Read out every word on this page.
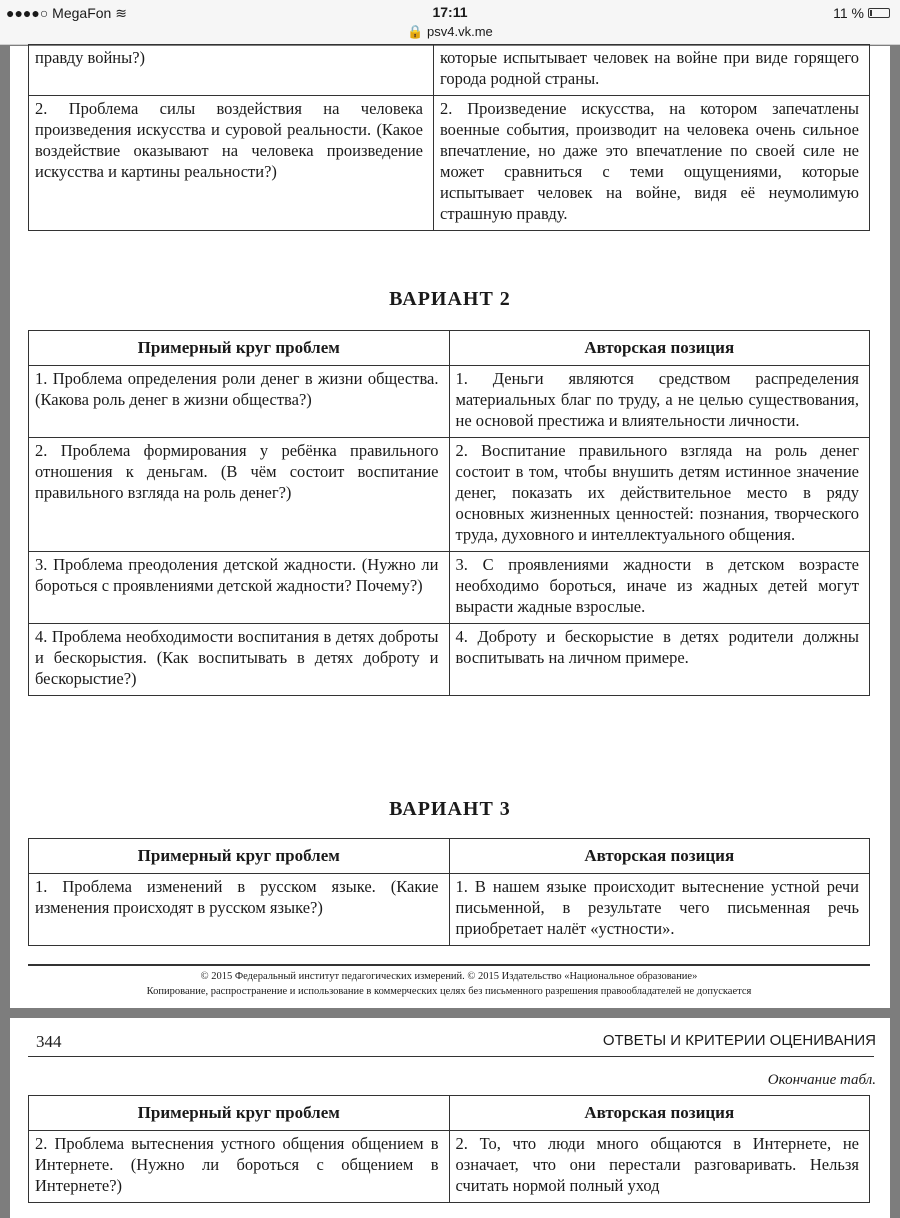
●●●●○ MegaFon ≋	17:11	11 %
🔒 psv4.vk.me
правду войны?)	которые испытывает человек на войне при виде горящего города родной страны.
2. Проблема силы воздействия на человека произведения искусства и суровой реальности. (Какое воздействие оказывают на человека произведение искусства и картины реальности?)	2. Произведение искусства, на котором запечатлены военные события, производит на человека очень сильное впечатление, но даже это впечатление по своей силе не может сравниться с теми ощущениями, которые испытывает человек на войне, видя её неумолимую страшную правду.
ВАРИАНТ 2
Примерный круг проблем	Авторская позиция
1. Проблема определения роли денег в жизни общества. (Какова роль денег в жизни общества?)	1. Деньги являются средством распределения материальных благ по труду, а не целью существования, не основой престижа и влиятельности личности.
2. Проблема формирования у ребёнка правильного отношения к деньгам. (В чём состоит воспитание правильного взгляда на роль денег?)	2. Воспитание правильного взгляда на роль денег состоит в том, чтобы внушить детям истинное значение денег, показать их действительное место в ряду основных жизненных ценностей: познания, творческого труда, духовного и интеллектуального общения.
3. Проблема преодоления детской жадности. (Нужно ли бороться с проявлениями детской жадности? Почему?)	3. С проявлениями жадности в детском возрасте необходимо бороться, иначе из жадных детей могут вырасти жадные взрослые.
4. Проблема необходимости воспитания в детях доброты и бескорыстия. (Как воспитывать в детях доброту и бескорыстие?)	4. Доброту и бескорыстие в детях родители должны воспитывать на личном примере.
ВАРИАНТ 3
Примерный круг проблем	Авторская позиция
1. Проблема изменений в русском языке. (Какие изменения происходят в русском языке?)	1. В нашем языке происходит вытеснение устной речи письменной, в результате чего письменная речь приобретает налёт «устности».
© 2015 Федеральный институт педагогических измерений. © 2015 Издательство «Национальное образование»
Копирование, распространение и использование в коммерческих целях без письменного разрешения правообладателей не допускается
344	ОТВЕТЫ И КРИТЕРИИ ОЦЕНИВАНИЯ
Окончание табл.
Примерный круг проблем	Авторская позиция
2. Проблема вытеснения устного общения общением в Интернете. (Нужно ли бороться с общением в Интернете?)	2. То, что люди много общаются в Интернете, не означает, что они перестали разговаривать. Нельзя считать нормой полный уход
